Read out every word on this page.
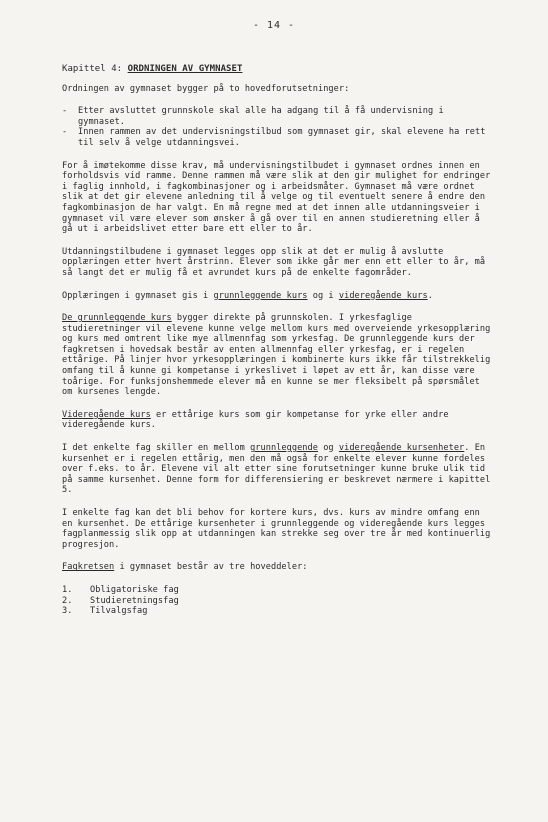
- 14 -
Kapittel 4: ORDNINGEN AV GYMNASET

Ordningen av gymnaset bygger på to hovedforutsetninger:

-	Etter avsluttet grunnskole skal alle ha adgang til å få undervisning i gymnaset.
-	Innen rammen av det undervisningstilbud som gymnaset gir, skal elevene ha rett til selv å velge utdanningsvei.

For å imøtekomme disse krav, må undervisningstilbudet i gymnaset ordnes innen en forholdsvis vid ramme. Denne rammen må være slik at den gir mulighet for endringer i faglig innhold, i fagkombinasjoner og i arbeidsmåter. Gymnaset må være ordnet slik at det gir elevene anledning til å velge og til eventuelt senere å endre den fagkombinasjon de har valgt. En må regne med at det innen alle utdanningsveier i gymnaset vil være elever som ønsker å gå over til en annen studieretning eller å gå ut i arbeidslivet etter bare ett eller to år.

Utdanningstilbudene i gymnaset legges opp slik at det er mulig å avslutte opplæringen etter hvert årstrinn. Elever som ikke går mer enn ett eller to år, må så langt det er mulig få et avrundet kurs på de enkelte fagområder.

Opplæringen i gymnaset gis i grunnleggende kurs og i videregående kurs.

De grunnleggende kurs bygger direkte på grunnskolen. I yrkesfaglige studieretninger vil elevene kunne velge mellom kurs med overveiende yrkesopplæring og kurs med omtrent like mye allmennfag som yrkesfag. De grunnleggende kurs der fagkretsen i hovedsak består av enten allmennfag eller yrkesfag, er i regelen ettårige. På linjer hvor yrkesopplæringen i kombinerte kurs ikke får tilstrekkelig omfang til å kunne gi kompetanse i yrkeslivet i løpet av ett år, kan disse være toårige. For funksjonshemmede elever må en kunne se mer fleksibelt på spørsmålet om kursenes lengde.

Videregående kurs er ettårige kurs som gir kompetanse for yrke eller andre videregående kurs.

I det enkelte fag skiller en mellom grunnleggende og videregående kursenheter. En kursenhet er i regelen ettårig, men den må også for enkelte elever kunne fordeles over f.eks. to år. Elevene vil alt etter sine forutsetninger kunne bruke ulik tid på samme kursenhet. Denne form for differensiering er beskrevet nærmere i kapittel 5.

I enkelte fag kan det bli behov for kortere kurs, dvs. kurs av mindre omfang enn en kursenhet. De ettårige kursenheter i grunnleggende og videregående kurs legges fagplanmessig slik opp at utdanningen kan strekke seg over tre år med kontinuerlig progresjon.

Fagkretsen i gymnaset består av tre hoveddeler:

1.	Obligatoriske fag
2.	Studieretningsfag
3.	Tilvalgsfag
